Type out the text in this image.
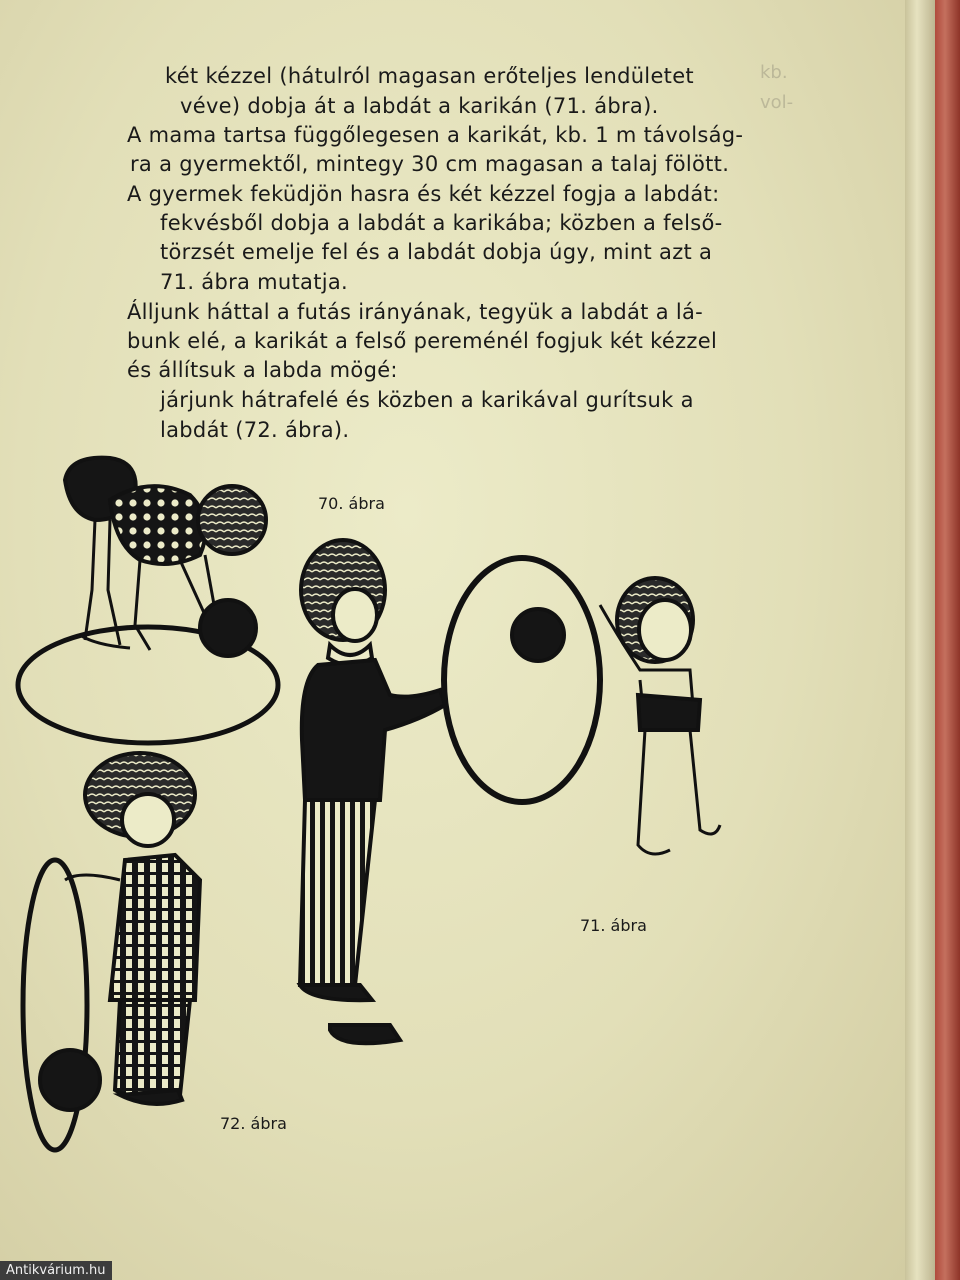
kb.
vol-
két kézzel (hátulról magasan erőteljes lendületet
véve) dobja át a labdát a karikán (71. ábra).
A mama tartsa függőlegesen a karikát, kb. 1 m távolság-
ra a gyermektől, mintegy 30 cm magasan a talaj fölött.
A gyermek feküdjön hasra és két kézzel fogja a labdát:
fekvésből dobja a labdát a karikába; közben a felső-
törzsét emelje fel és a labdát dobja úgy, mint azt a
71. ábra mutatja.
Álljunk háttal a futás irányának, tegyük a labdát a lá-
bunk elé, a karikát a felső pereménél fogjuk két kézzel
és állítsuk a labda mögé:
járjunk hátrafelé és közben a karikával gurítsuk a
labdát (72. ábra).
70. ábra
71. ábra
72. ábra
Antikvárium.hu
